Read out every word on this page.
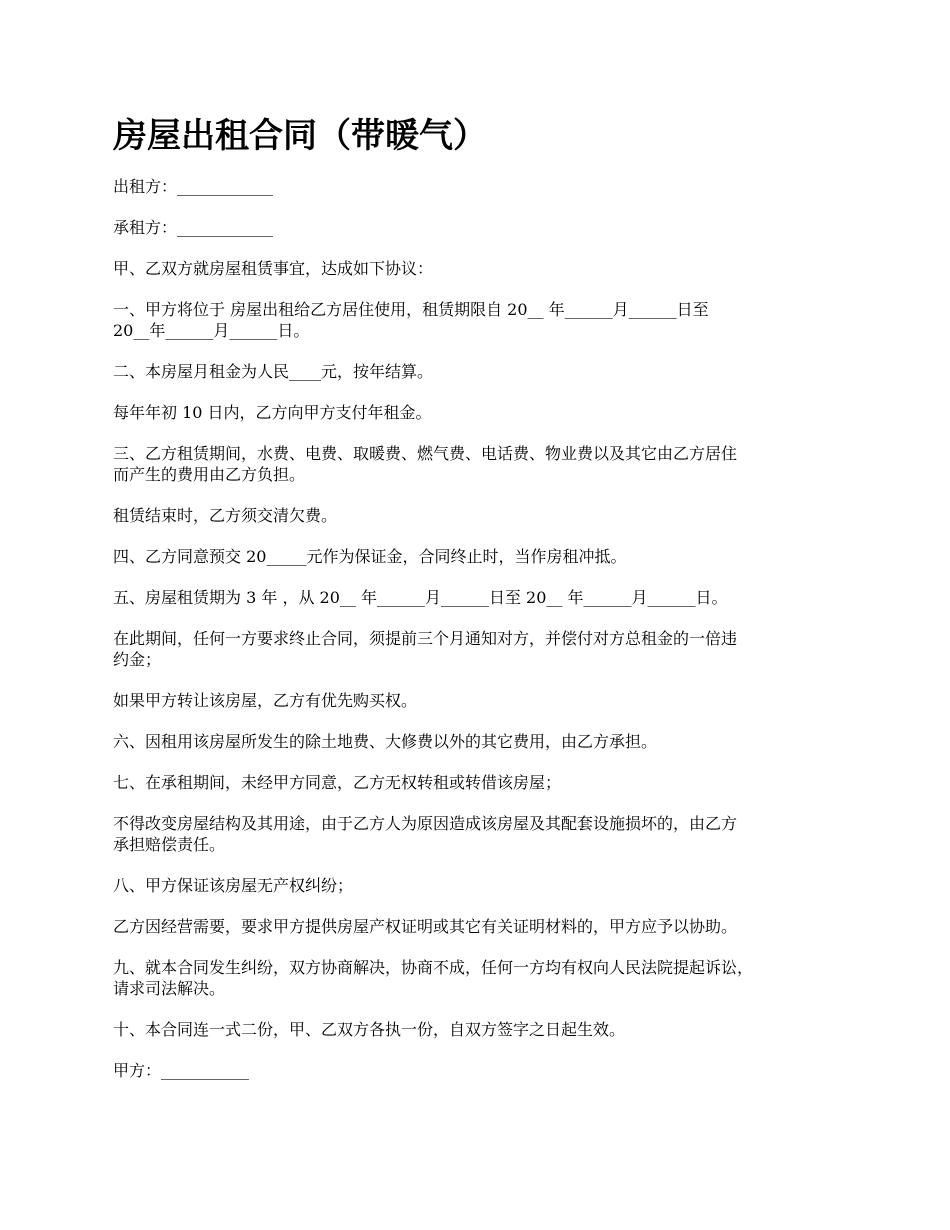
房屋出租合同（带暖气）

出租方：____________

承租方：____________

甲、乙双方就房屋租赁事宜，达成如下协议：

一、甲方将位于 房屋出租给乙方居住使用，租赁期限自 20__ 年______月______日至
20__年______月______日。

二、本房屋月租金为人民____元，按年结算。

每年年初 10 日内，乙方向甲方支付年租金。

三、乙方租赁期间，水费、电费、取暖费、燃气费、电话费、物业费以及其它由乙方居住
而产生的费用由乙方负担。

租赁结束时，乙方须交清欠费。

四、乙方同意预交 20_____元作为保证金，合同终止时，当作房租冲抵。

五、房屋租赁期为 3 年 ，从 20__ 年______月______日至 20__ 年______月______日。

在此期间，任何一方要求终止合同，须提前三个月通知对方，并偿付对方总租金的一倍违
约金；

如果甲方转让该房屋，乙方有优先购买权。

六、因租用该房屋所发生的除土地费、大修费以外的其它费用，由乙方承担。

七、在承租期间，未经甲方同意，乙方无权转租或转借该房屋；

不得改变房屋结构及其用途，由于乙方人为原因造成该房屋及其配套设施损坏的，由乙方
承担赔偿责任。

八、甲方保证该房屋无产权纠纷；

乙方因经营需要，要求甲方提供房屋产权证明或其它有关证明材料的，甲方应予以协助。

九、就本合同发生纠纷，双方协商解决，协商不成，任何一方均有权向人民法院提起诉讼，
请求司法解决。

十、本合同连一式二份，甲、乙双方各执一份，自双方签字之日起生效。

甲方：___________
